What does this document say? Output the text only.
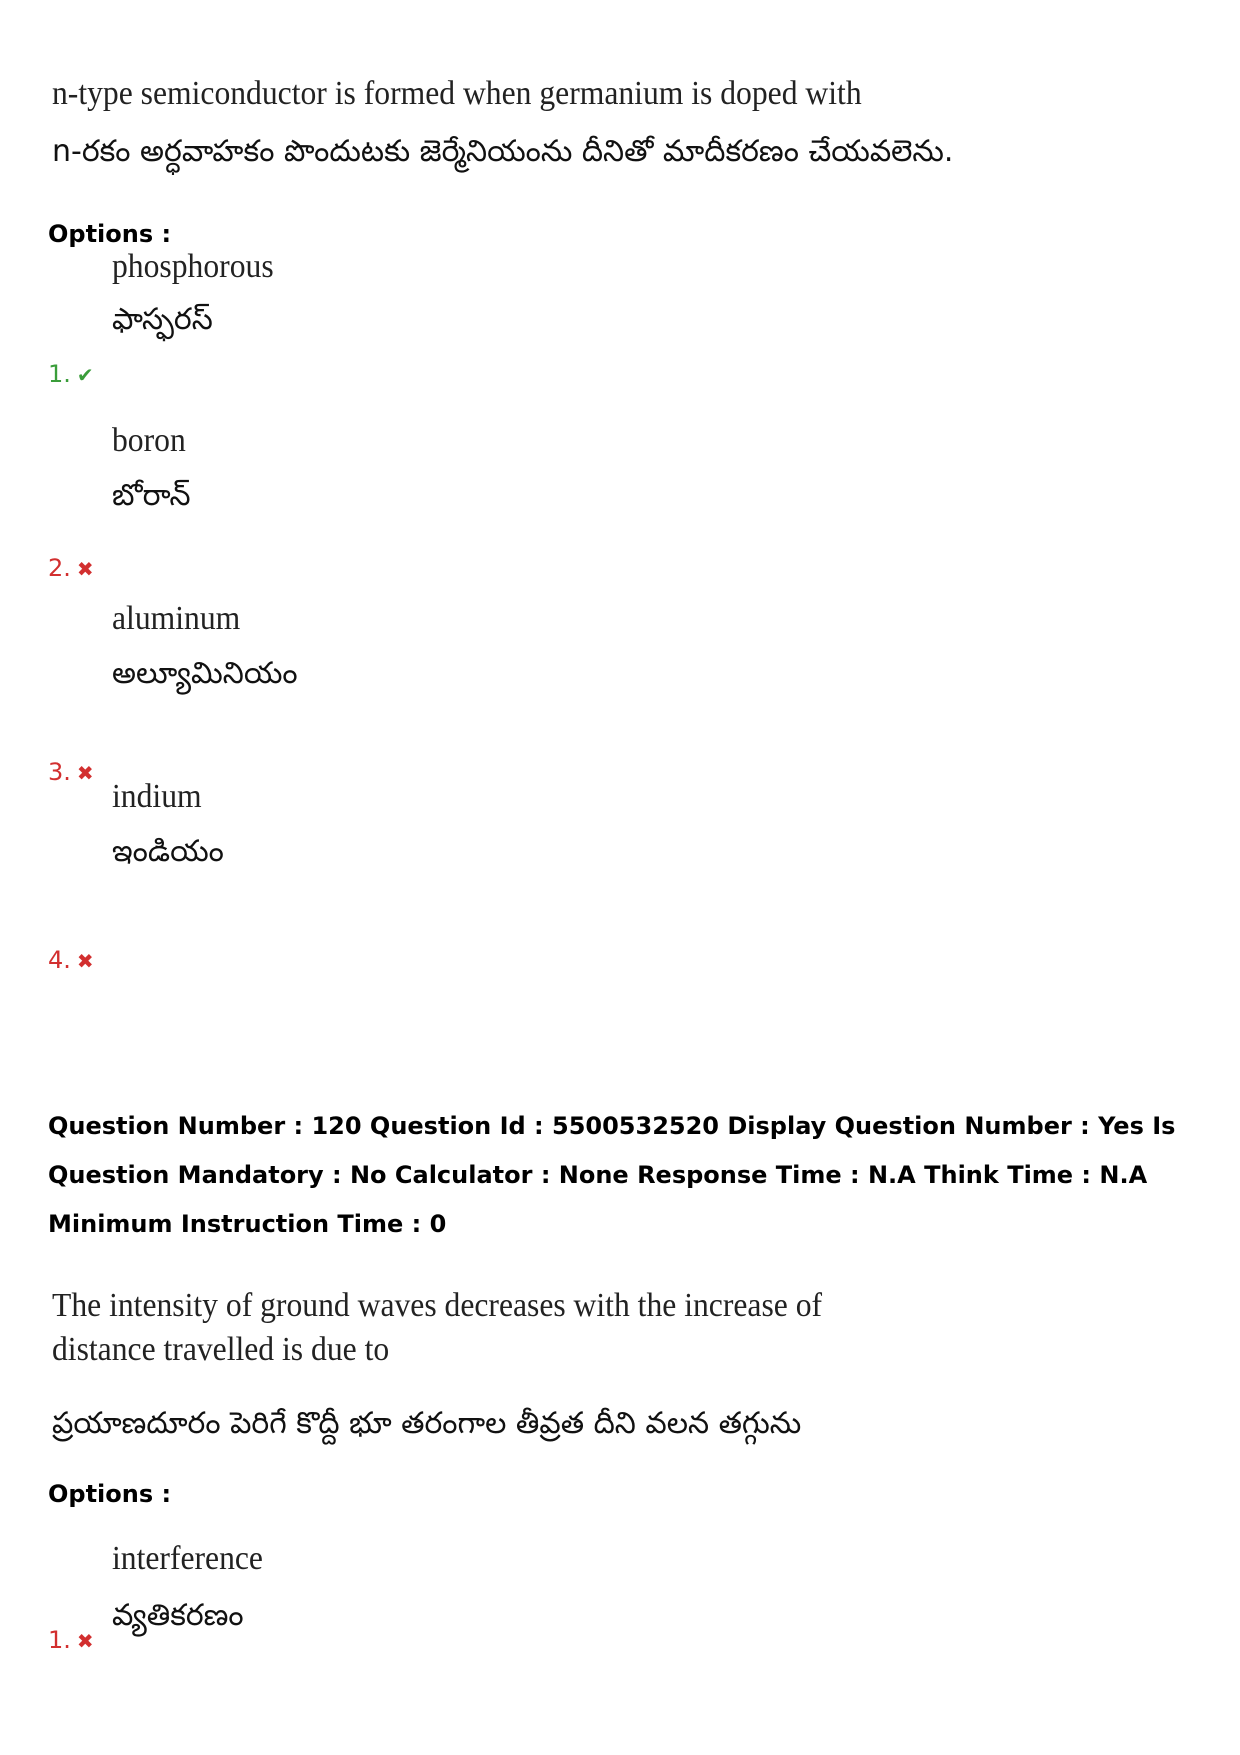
n-type semiconductor is formed when germanium is doped with
n-రకం అర్ధవాహకం పొందుటకు జెర్మేనియంను దీనితో మాదీకరణం చేయవలెను.
Options :
phosphorous
ఫాస్ఫరస్
1. ✔
boron
బోరాన్
2. ✖
aluminum
అల్యూమినియం
3. ✖
indium
ఇండియం
4. ✖
Question Number : 120 Question Id : 5500532520 Display Question Number : Yes Is Question Mandatory : No Calculator : None Response Time : N.A Think Time : N.A Minimum Instruction Time : 0
The intensity of ground waves decreases with the increase of distance travelled is due to
ప్రయాణదూరం పెరిగే కొద్దీ భూ తరంగాల తీవ్రత దీని వలన తగ్గును
Options :
interference
వ్యతికరణం
1. ✖
